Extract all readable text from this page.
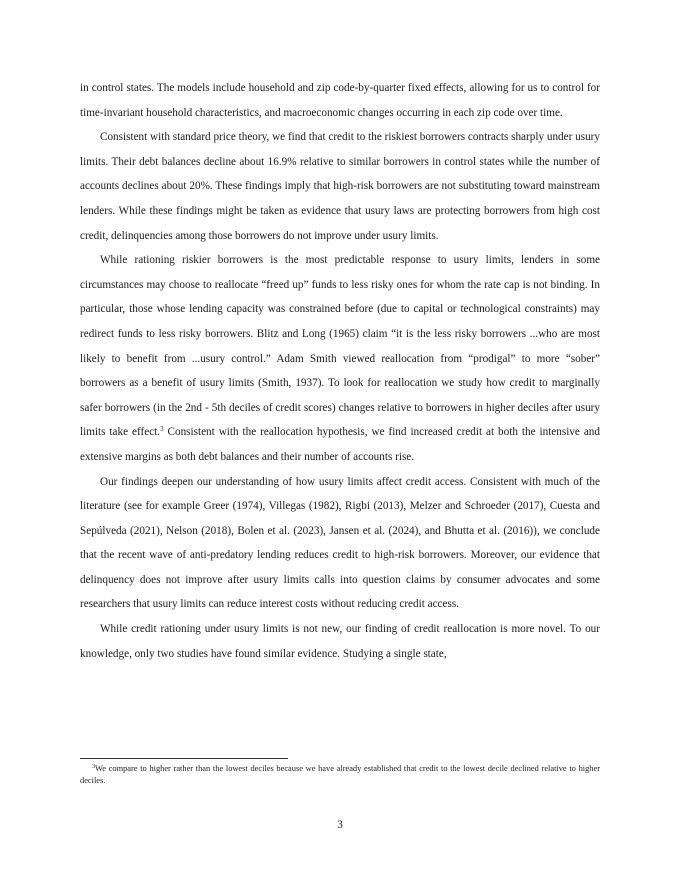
in control states. The models include household and zip code-by-quarter fixed effects, allowing for us to control for time-invariant household characteristics, and macroeconomic changes occurring in each zip code over time.

Consistent with standard price theory, we find that credit to the riskiest borrowers contracts sharply under usury limits. Their debt balances decline about 16.9% relative to similar borrowers in control states while the number of accounts declines about 20%. These findings imply that high-risk borrowers are not substituting toward mainstream lenders. While these findings might be taken as evidence that usury laws are protecting borrowers from high cost credit, delinquencies among those borrowers do not improve under usury limits.

While rationing riskier borrowers is the most predictable response to usury limits, lenders in some circumstances may choose to reallocate “freed up” funds to less risky ones for whom the rate cap is not binding. In particular, those whose lending capacity was constrained before (due to capital or technological constraints) may redirect funds to less risky borrowers. Blitz and Long (1965) claim “it is the less risky borrowers ...who are most likely to benefit from ...usury control.” Adam Smith viewed reallocation from “prodigal” to more “sober” borrowers as a benefit of usury limits (Smith, 1937). To look for reallocation we study how credit to marginally safer borrowers (in the 2nd - 5th deciles of credit scores) changes relative to borrowers in higher deciles after usury limits take effect.$^3$ Consistent with the reallocation hypothesis, we find increased credit at both the intensive and extensive margins as both debt balances and their number of accounts rise.

Our findings deepen our understanding of how usury limits affect credit access. Consistent with much of the literature (see for example Greer (1974), Villegas (1982), Rigbi (2013), Melzer and Schroeder (2017), Cuesta and Sepúlveda (2021), Nelson (2018), Bolen et al. (2023), Jansen et al. (2024), and Bhutta et al. (2016)), we conclude that the recent wave of anti-predatory lending reduces credit to high-risk borrowers. Moreover, our evidence that delinquency does not improve after usury limits calls into question claims by consumer advocates and some researchers that usury limits can reduce interest costs without reducing credit access.

While credit rationing under usury limits is not new, our finding of credit reallocation is more novel. To our knowledge, only two studies have found similar evidence. Studying a single state,

$^3$We compare to higher rather than the lowest deciles because we have already established that credit to the lowest decile declined relative to higher deciles.
3
